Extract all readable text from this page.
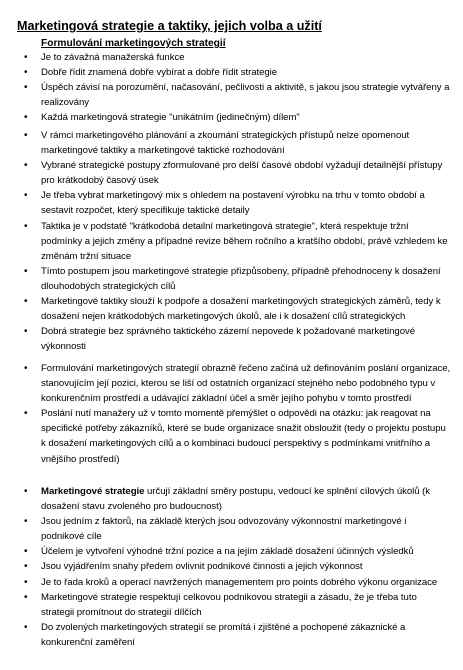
Marketingová strategie a taktiky, jejich volba a užití
Formulování marketingových strategií
• Je to závažná manažerská funkce
• Dobře řídit znamená dobře vybírat a dobře řídit strategie
• Úspěch závisí na porozumění, načasování, pečlivosti a aktivitě, s jakou jsou strategie vytvářeny a realizovány
• Každá marketingová strategie "unikátním (jedinečným) dílem"
• V rámci marketingového plánování a zkoumání strategických přístupů nelze opomenout marketingové taktiky a marketingové taktické rozhodování
• Vybrané strategické postupy zformulované pro delší časové období vyžadují detailnější přístupy pro krátkodobý časový úsek
• Je třeba vybrat marketingový mix s ohledem na postavení výrobku na trhu v tomto období a sestavit rozpočet, který specifikuje taktické detaily
• Taktika je v podstatě "krátkodobá detailní marketingová strategie", která respektuje tržní podmínky a jejich změny a případné revize během ročního a kratšího období, právě vzhledem ke změnám tržní situace
• Tímto postupem jsou marketingové strategie přizpůsobeny, případně přehodnoceny k dosažení dlouhodobých strategických cílů
• Marketingové taktiky slouží k podpoře a dosažení marketingových strategických záměrů, tedy k dosažení nejen krátkodobých marketingových úkolů, ale i k dosažení cílů strategických
• Dobrá strategie bez správného taktického zázemí nepovede k požadované marketingové výkonnosti
• Formulování marketingových strategií obrazně řečeno začíná už definováním poslání organizace, stanovujícím její pozici, kterou se liší od ostatních organizací stejného nebo podobného typu v konkurenčním prostředí a udávající základní účel a směr jejího pohybu v tomto prostředí
• Poslání nutí manažery už v tomto momentě přemýšlet o odpovědi na otázku: jak reagovat na specifické potřeby zákazníků, které se bude organizace snažit obsloužit (tedy o projektu postupu k dosažení marketingových cílů a o kombinaci budoucí perspektivy s podmínkami vnitřního a vnějšího prostředí)
• Marketingové strategie určují základní směry postupu, vedoucí ke splnění cílových úkolů (k dosažení stavu zvoleného pro budoucnost)
• Jsou jedním z faktorů, na základě kterých jsou odvozovány výkonnostní marketingové i podnikové cíle
• Účelem je vytvoření výhodné tržní pozice a na jejím základě dosažení účinných výsledků
• Jsou vyjádřením snahy předem ovlivnit podnikové činnosti a jejich výkonnost
• Je to řada kroků a operací navržených managementem pro points dobrého výkonu organizace
• Marketingové strategie respektují celkovou podnikovou strategii a zásadu, že je třeba tuto strategii promítnout do strategií dílčích
• Do zvolených marketingových strategií se promítá i zjištěné a pochopené zákaznické a konkurenční zaměření
